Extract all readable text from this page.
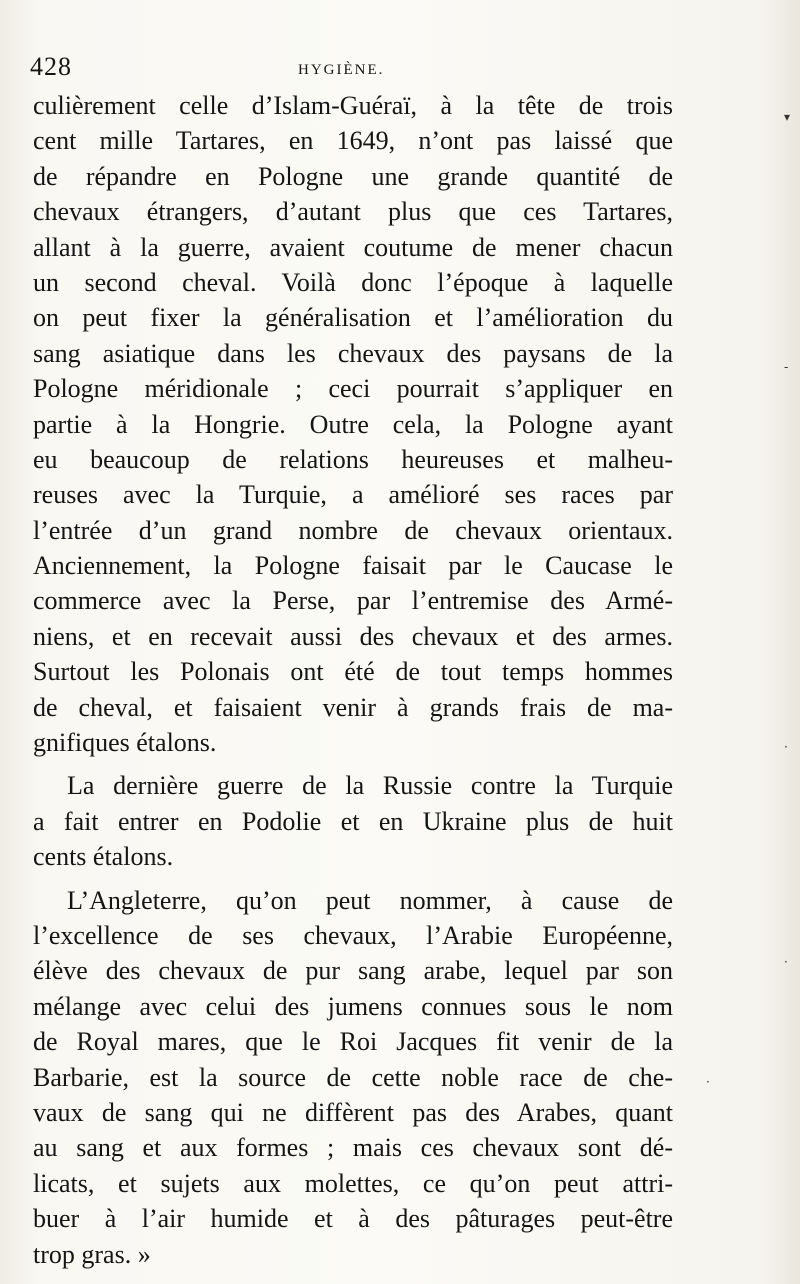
428	HYGIÈNE.
culièrement celle d’Islam-Guéraï, à la tête de trois
cent mille Tartares, en 1649, n’ont pas laissé que
de répandre en Pologne une grande quantité de
chevaux étrangers, d’autant plus que ces Tartares,
allant à la guerre, avaient coutume de mener chacun
un second cheval. Voilà donc l’époque à laquelle
on peut fixer la généralisation et l’amélioration du
sang asiatique dans les chevaux des paysans de la
Pologne méridionale ; ceci pourrait s’appliquer en
partie à la Hongrie. Outre cela, la Pologne ayant
eu beaucoup de relations heureuses et malheu-
reuses avec la Turquie, a amélioré ses races par
l’entrée d’un grand nombre de chevaux orientaux.
Anciennement, la Pologne faisait par le Caucase le
commerce avec la Perse, par l’entremise des Armé-
niens, et en recevait aussi des chevaux et des armes.
Surtout les Polonais ont été de tout temps hommes
de cheval, et faisaient venir à grands frais de ma-
gnifiques étalons.
La dernière guerre de la Russie contre la Turquie
a fait entrer en Podolie et en Ukraine plus de huit
cents étalons.
L’Angleterre, qu’on peut nommer, à cause de
l’excellence de ses chevaux, l’Arabie Européenne,
élève des chevaux de pur sang arabe, lequel par son
mélange avec celui des jumens connues sous le nom
de Royal mares, que le Roi Jacques fit venir de la
Barbarie, est la source de cette noble race de che-
vaux de sang qui ne diffèrent pas des Arabes, quant
au sang et aux formes ; mais ces chevaux sont dé-
licats, et sujets aux molettes, ce qu’on peut attri-
buer à l’air humide et à des pâturages peut-être
trop gras. »
▾
-
·
·
·
